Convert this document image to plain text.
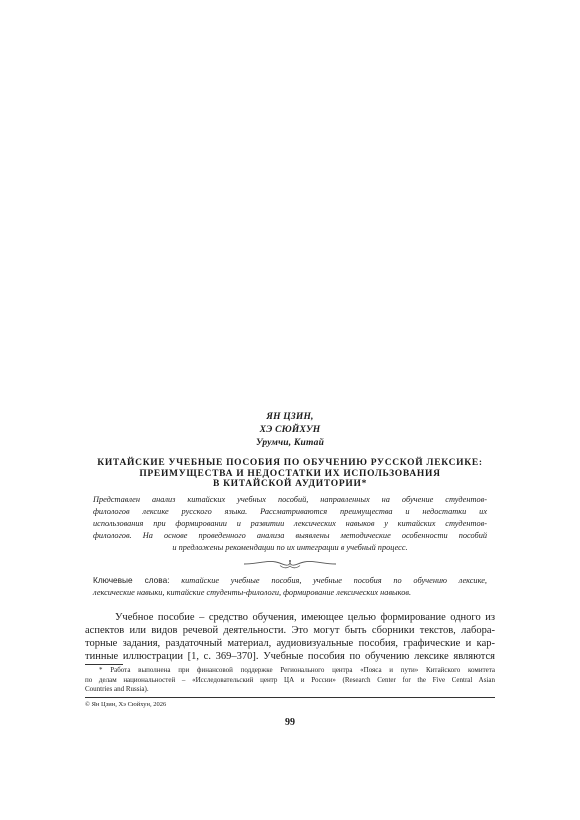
ЯН ЦЗИН,
ХЭ СЮЙХУН
Урумчи, Китай
КИТАЙСКИЕ УЧЕБНЫЕ ПОСОБИЯ ПО ОБУЧЕНИЮ РУССКОЙ ЛЕКСИКЕ:
ПРЕИМУЩЕСТВА И НЕДОСТАТКИ ИХ ИСПОЛЬЗОВАНИЯ
В КИТАЙСКОЙ АУДИТОРИИ*
Представлен анализ китайских учебных пособий, направленных на обучение студентов-
филологов лексике русского языка. Рассматриваются преимущества и недостатки их
использования при формировании и развитии лексических навыков у китайских студентов-
филологов. На основе проведенного анализа выявлены методические особенности пособий
и предложены рекомендации по их интеграции в учебный процесс.
Ключевые слова: китайские учебные пособия, учебные пособия по обучению лексике,
лексические навыки, китайские студенты-филологи, формирование лексических навыков.
Учебное пособие – средство обучения, имеющее целью формирование одного из
аспектов или видов речевой деятельности. Это могут быть сборники текстов, лабора-
торные задания, раздаточный материал, аудиовизуальные пособия, графические и кар-
тинные иллюстрации [1, с. 369–370]. Учебные пособия по обучению лексике являются
* Работа выполнена при финансовой поддержке Регионального центра «Пояса и пути» Китайского комитета
по делам национальностей – «Исследовательский центр ЦА и России» (Research Center for the Five Central Asian
Countries and Russia).
© Ян Цзин, Хэ Сюйхун, 2026
99
